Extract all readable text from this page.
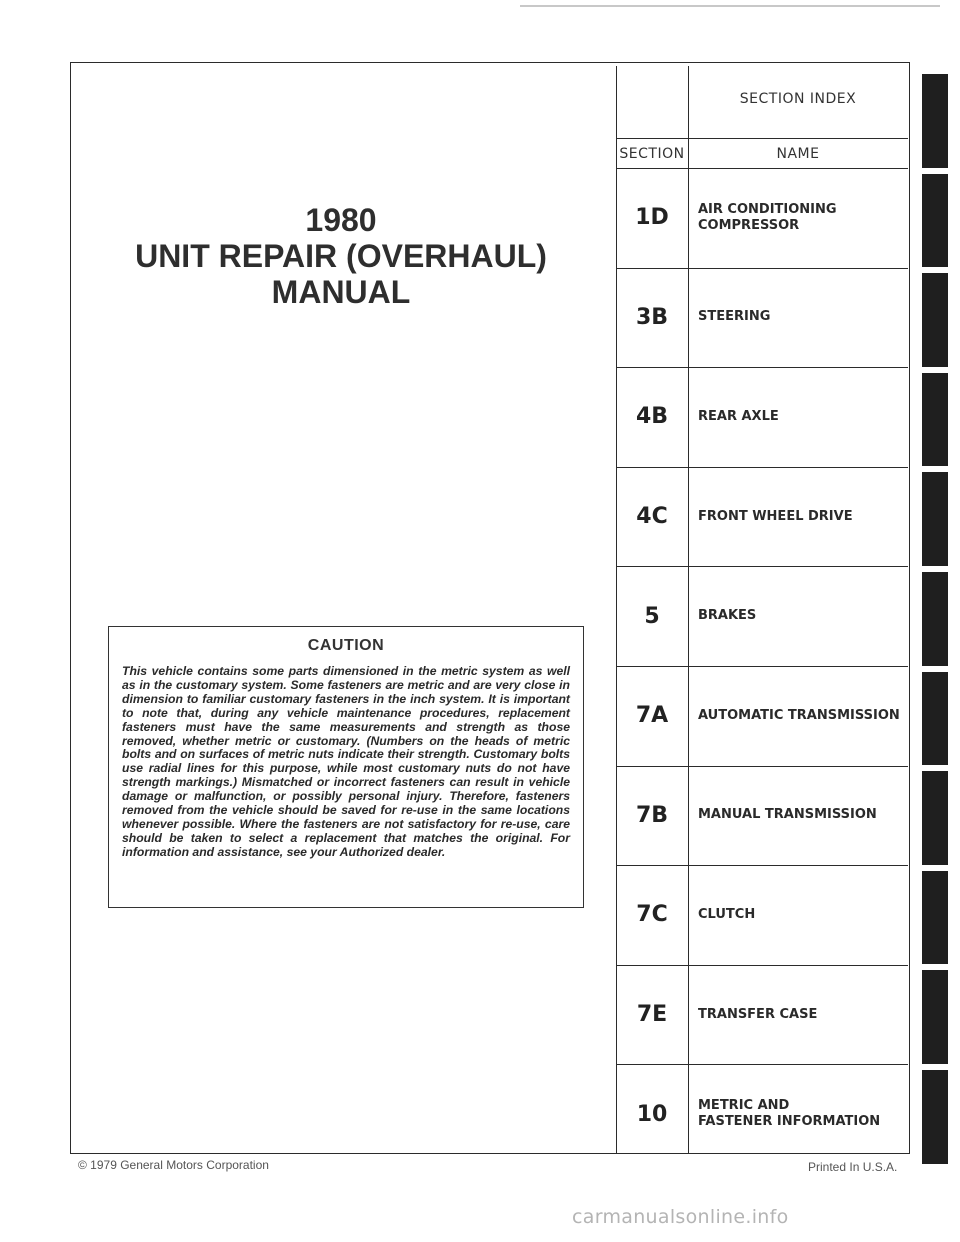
1980
UNIT REPAIR (OVERHAUL)
MANUAL
CAUTION
This vehicle contains some parts dimensioned in the metric system as well as in the customary system. Some fasteners are metric and are very close in dimension to familiar customary fasteners in the inch system. It is important to note that, during any vehicle maintenance procedures, replacement fasteners must have the same measurements and strength as those removed, whether metric or customary. (Numbers on the heads of metric bolts and on surfaces of metric nuts indicate their strength. Customary bolts use radial lines for this purpose, while most customary nuts do not have strength markings.) Mismatched or incorrect fasteners can result in vehicle damage or malfunction, or possibly personal injury. Therefore, fasteners removed from the vehicle should be saved for re-use in the same locations whenever possible. Where the fasteners are not satisfactory for re-use, care should be taken to select a replacement that matches the original. For information and assistance, see your Authorized dealer.
SECTION INDEX
SECTION	NAME
1D	AIR CONDITIONING
COMPRESSOR
3B	STEERING
4B	REAR AXLE
4C	FRONT WHEEL DRIVE
5	BRAKES
7A	AUTOMATIC TRANSMISSION
7B	MANUAL TRANSMISSION
7C	CLUTCH
7E	TRANSFER CASE
10	METRIC AND
FASTENER INFORMATION
© 1979 General Motors Corporation	Printed In U.S.A.
carmanualsonline.info
